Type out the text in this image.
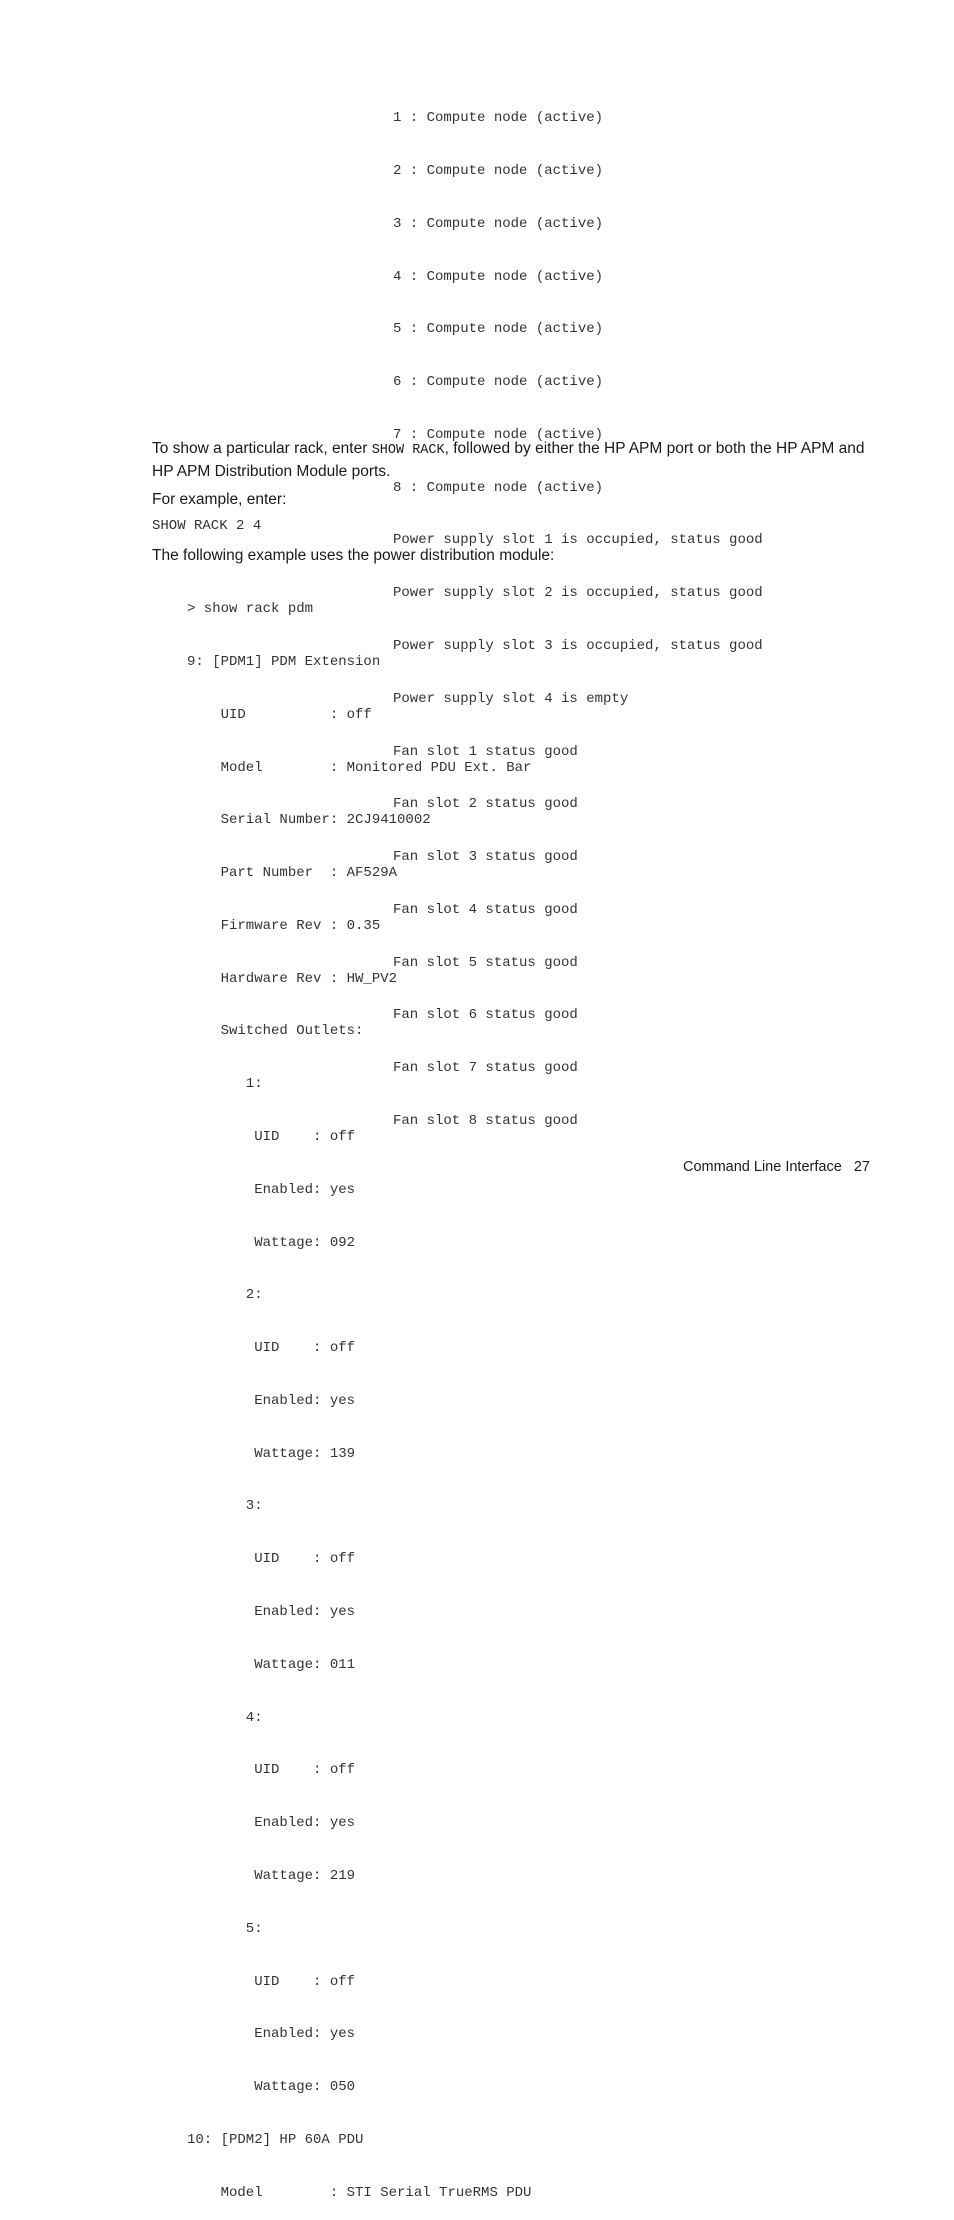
1 : Compute node (active)

2 : Compute node (active)

3 : Compute node (active)

4 : Compute node (active)

5 : Compute node (active)

6 : Compute node (active)

7 : Compute node (active)

8 : Compute node (active)

Power supply slot 1 is occupied, status good

Power supply slot 2 is occupied, status good

Power supply slot 3 is occupied, status good

Power supply slot 4 is empty

Fan slot 1 status good

Fan slot 2 status good

Fan slot 3 status good

Fan slot 4 status good

Fan slot 5 status good

Fan slot 6 status good

Fan slot 7 status good

Fan slot 8 status good

To show a particular rack, enter SHOW RACK, followed by either the HP APM port or both the HP APM and HP APM Distribution Module ports.

For example, enter:

SHOW RACK 2 4

The following example uses the power distribution module:

> show rack pdm

9: [PDM1] PDM Extension

UID          : off

Model        : Monitored PDU Ext. Bar

Serial Number: 2CJ9410002

Part Number  : AF529A

Firmware Rev : 0.35

Hardware Rev : HW_PV2

Switched Outlets:

1:

UID    : off

Enabled: yes

Wattage: 092

2:

UID    : off

Enabled: yes

Wattage: 139

3:

UID    : off

Enabled: yes

Wattage: 011

4:

UID    : off

Enabled: yes

Wattage: 219

5:

UID    : off

Enabled: yes

Wattage: 050

10: [PDM2] HP 60A PDU

Model        : STI Serial TrueRMS PDU

Command Line Interface 27
